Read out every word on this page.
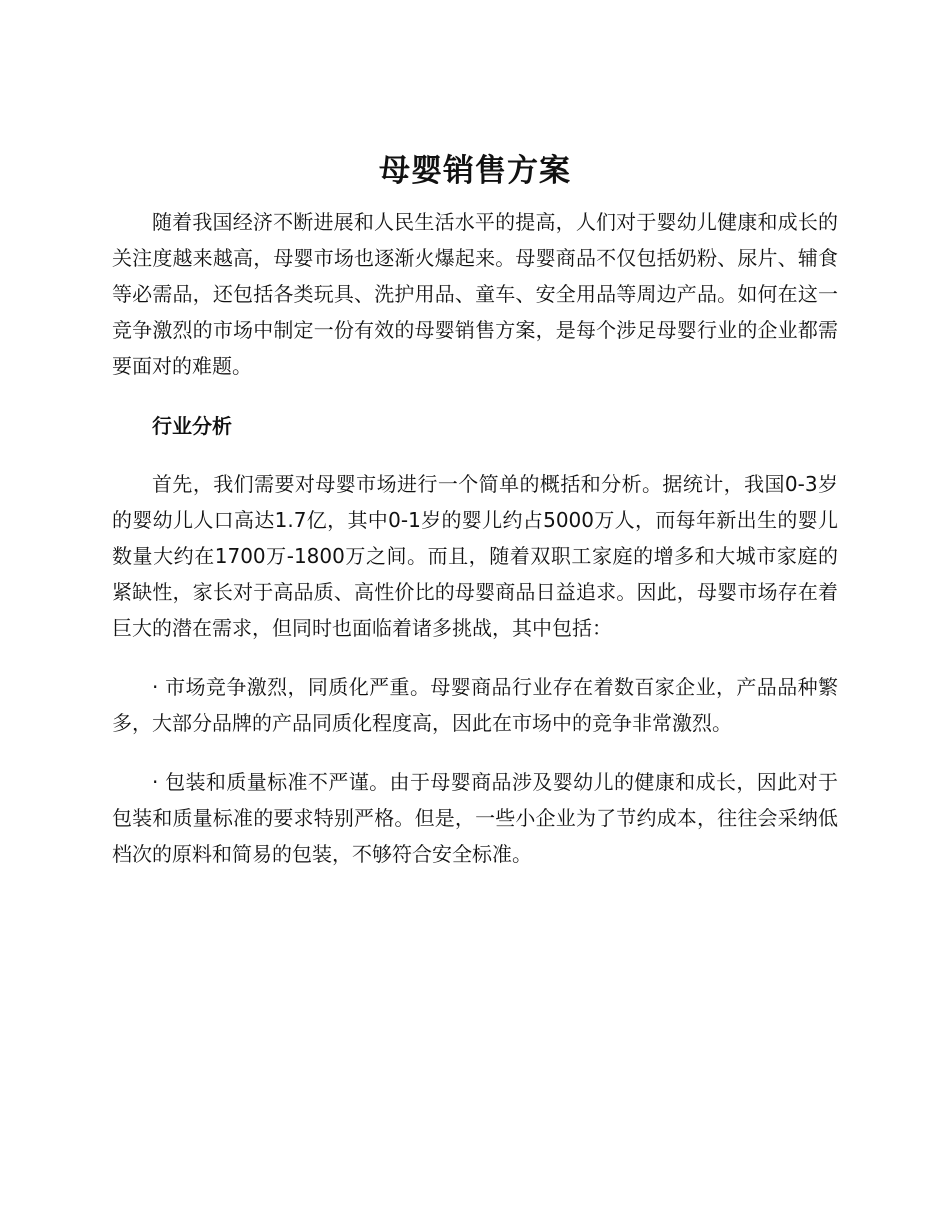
母婴销售方案

随着我国经济不断进展和人民生活水平的提高，人们对于婴幼儿健康和成长的关注度越来越高，母婴市场也逐渐火爆起来。母婴商品不仅包括奶粉、尿片、辅食等必需品，还包括各类玩具、洗护用品、童车、安全用品等周边产品。如何在这一竞争激烈的市场中制定一份有效的母婴销售方案，是每个涉足母婴行业的企业都需要面对的难题。

行业分析

首先，我们需要对母婴市场进行一个简单的概括和分析。据统计，我国0-3岁的婴幼儿人口高达1.7亿，其中0-1岁的婴儿约占5000万人，而每年新出生的婴儿数量大约在1700万-1800万之间。而且，随着双职工家庭的增多和大城市家庭的紧缺性，家长对于高品质、高性价比的母婴商品日益追求。因此，母婴市场存在着巨大的潜在需求，但同时也面临着诸多挑战，其中包括：

· 市场竞争激烈，同质化严重。母婴商品行业存在着数百家企业，产品品种繁多，大部分品牌的产品同质化程度高，因此在市场中的竞争非常激烈。

· 包装和质量标准不严谨。由于母婴商品涉及婴幼儿的健康和成长，因此对于包装和质量标准的要求特别严格。但是，一些小企业为了节约成本，往往会采纳低档次的原料和简易的包装，不够符合安全标准。
